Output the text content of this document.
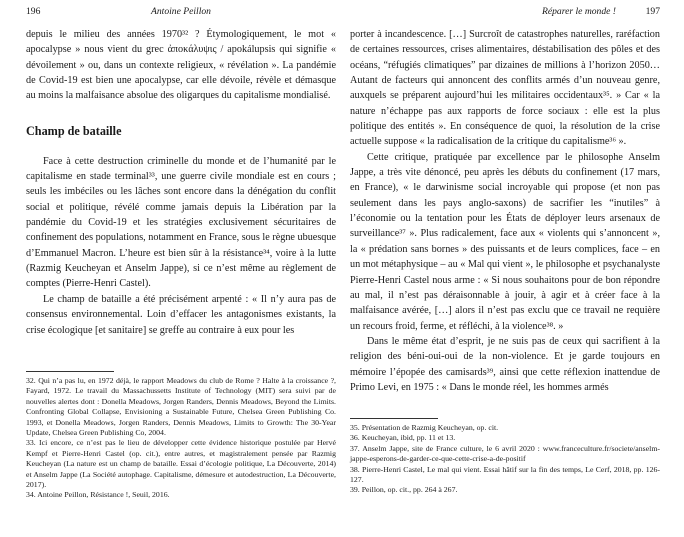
196	Antoine Peillon

depuis le milieu des années 1970³² ? Étymologiquement, le mot « apocalypse » nous vient du grec ἀποκάλυψις / apokálupsis qui signifie « dévoilement » ou, dans un contexte religieux, « révélation ». La pandémie de Covid-19 est bien une apocalypse, car elle dévoile, révèle et démasque au moins la malfaisance absolue des oligarques du capitalisme mondialisé.

Champ de bataille

Face à cette destruction criminelle du monde et de l’humanité par le capitalisme en stade terminal³³, une guerre civile mondiale est en cours ; seuls les imbéciles ou les lâches sont encore dans la dénégation du conflit social et politique, révélé comme jamais depuis la Libération par la pandémie du Covid-19 et les stratégies exclusivement sécuritaires de confinement des populations, notamment en France, sous le règne ubuesque d’Emmanuel Macron. L’heure est bien sûr à la résistance³⁴, voire à la lutte (Razmig Keucheyan et Anselm Jappe), si ce n’est même au règlement de comptes (Pierre-Henri Castel).

Le champ de bataille a été précisément arpenté : « Il n’y aura pas de consensus environnemental. Loin d’effacer les antagonismes existants, la crise écologique [et sanitaire] se greffe au contraire à eux pour les

32. Qui n’a pas lu, en 1972 déjà, le rapport Meadows du club de Rome ? Halte à la croissance ?, Fayard, 1972. Le travail du Massachussetts Institute of Technology (MIT) sera suivi par de nouvelles alertes dont : Donella Meadows, Jorgen Randers, Dennis Meadows, Beyond the Limits. Confronting Global Collapse, Envisioning a Sustainable Future, Chelsea Green Publishing Co. 1993, et Donella Meadows, Jorgen Randers, Dennis Meadows, Limits to Growth: The 30-Year Update, Chelsea Green Publishing Co, 2004.

33. Ici encore, ce n’est pas le lieu de développer cette évidence historique postulée par Hervé Kempf et Pierre-Henri Castel (op. cit.), entre autres, et magistralement pensée par Razmig Keucheyan (La nature est un champ de bataille. Essai d’écologie politique, La Découverte, 2014) et Anselm Jappe (La Société autophage. Capitalisme, démesure et autodestruction, La Découverte, 2017).

34. Antoine Peillon, Résistance !, Seuil, 2016.

Réparer le monde !	197

porter à incandescence. […] Surcroît de catastrophes naturelles, raréfaction de certaines ressources, crises alimentaires, déstabilisation des pôles et des océans, “réfugiés climatiques” par dizaines de millions à l’horizon 2050… Autant de facteurs qui annoncent des conflits armés d’un nouveau genre, auxquels se préparent aujourd’hui les militaires occidentaux³⁵. » Car « la nature n’échappe pas aux rapports de force sociaux : elle est la plus politique des entités ». En conséquence de quoi, la résolution de la crise actuelle suppose « la radicalisation de la critique du capitalisme³⁶ ».

Cette critique, pratiquée par excellence par le philosophe Anselm Jappe, a très vite dénoncé, peu après les débuts du confinement (17 mars, en France), « le darwinisme social incroyable qui propose (et non pas seulement dans les pays anglo-saxons) de sacrifier les “inutiles” à l’économie ou la tentation pour les États de déployer leurs arsenaux de surveillance³⁷ ». Plus radicalement, face aux « violents qui s’annoncent », la « prédation sans bornes » des puissants et de leurs complices, face – en un mot métaphysique – au « Mal qui vient », le philosophe et psychanalyste Pierre-Henri Castel nous arme : « Si nous souhaitons pour de bon répondre au mal, il n’est pas déraisonnable à jouir, à agir et à créer face à la malfaisance avérée, […] alors il n’est pas exclu que ce travail ne requière un recours froid, ferme, et réfléchi, à la violence³⁸. »

Dans le même état d’esprit, je ne suis pas de ceux qui sacrifient à la religion des béni-oui-oui de la non-violence. Et je garde toujours en mémoire l’épopée des camisards³⁹, ainsi que cette réflexion inattendue de Primo Levi, en 1975 : « Dans le monde réel, les hommes armés

35. Présentation de Razmig Keucheyan, op. cit.

36. Keucheyan, ibid, pp. 11 et 13.

37. Anselm Jappe, site de France culture, le 6 avril 2020 : www.franceculture.fr/societe/anselm-jappe-esperons-de-garder-ce-que-cette-crise-a-de-positif

38. Pierre-Henri Castel, Le mal qui vient. Essai hâtif sur la fin des temps, Le Cerf, 2018, pp. 126-127.

39. Peillon, op. cit., pp. 264 à 267.
